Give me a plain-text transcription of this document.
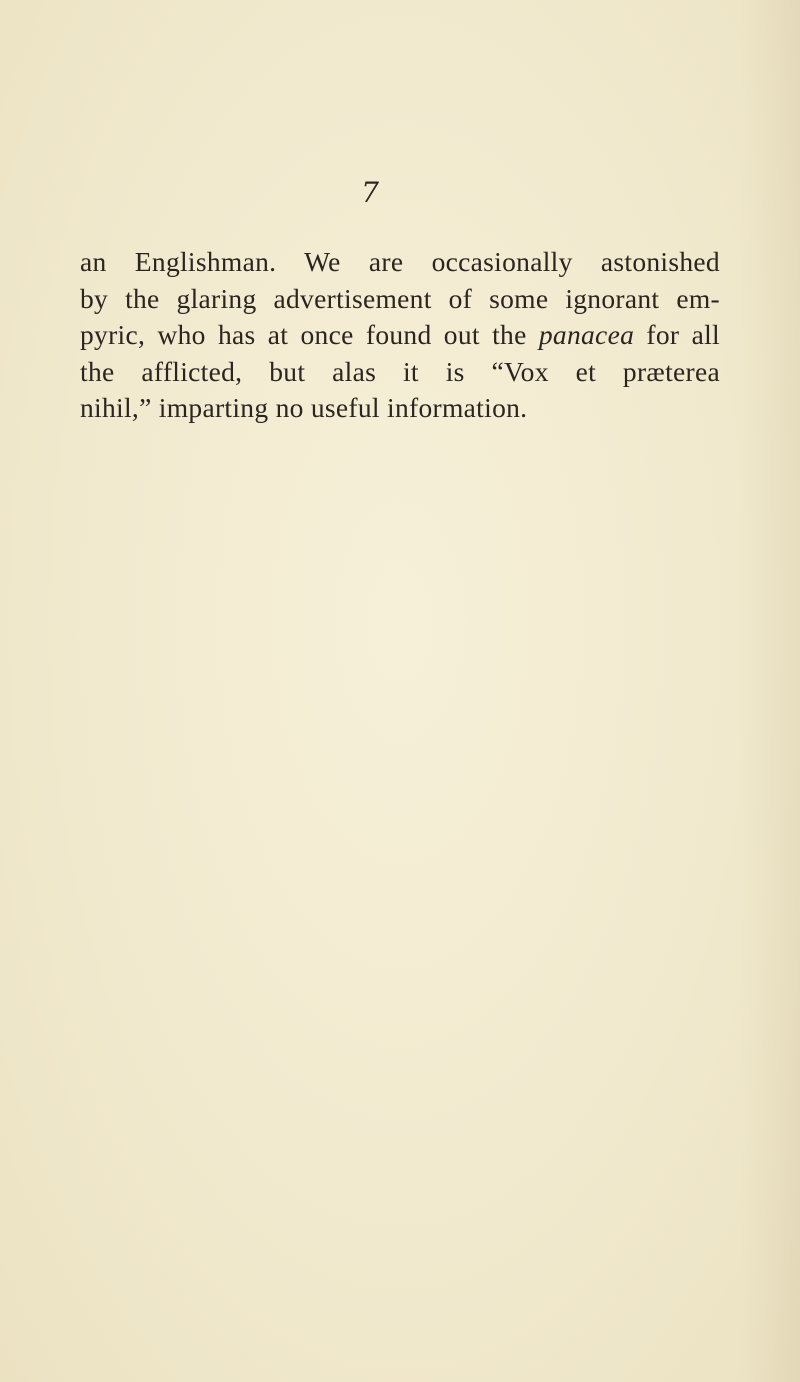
7
an Englishman. We are occasionally astonished
by the glaring advertisement of some ignorant em-
pyric, who has at once found out the panacea for all
the afflicted, but alas it is “Vox et præterea
nihil,” imparting no useful information.
